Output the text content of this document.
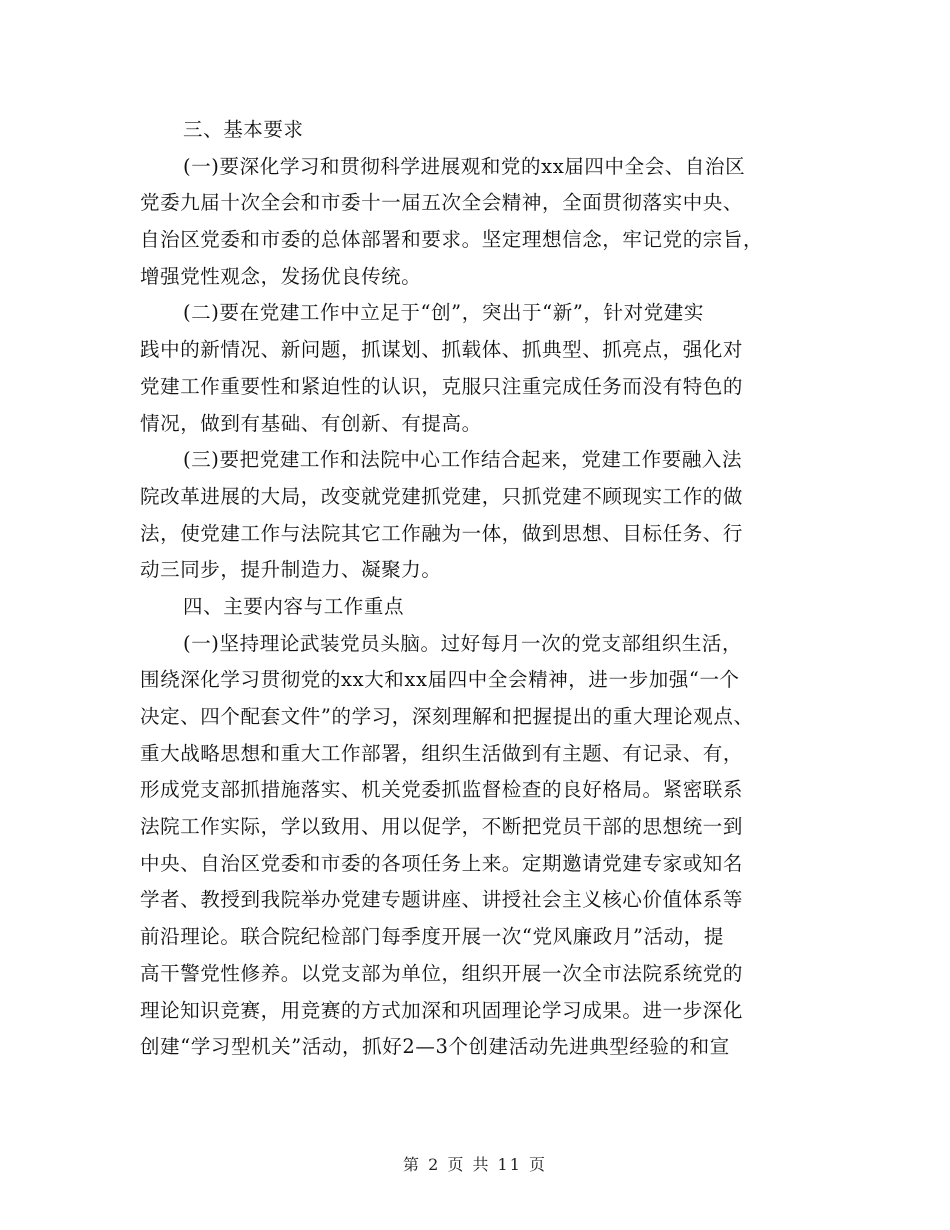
三、基本要求
(一)要深化学习和贯彻科学进展观和党的xx届四中全会、自治区
党委九届十次全会和市委十一届五次全会精神，全面贯彻落实中央、
自治区党委和市委的总体部署和要求。坚定理想信念，牢记党的宗旨，
增强党性观念，发扬优良传统。
(二)要在党建工作中立足于“创”，突出于“新”，针对党建实
践中的新情况、新问题，抓谋划、抓载体、抓典型、抓亮点，强化对
党建工作重要性和紧迫性的认识，克服只注重完成任务而没有特色的
情况，做到有基础、有创新、有提高。
(三)要把党建工作和法院中心工作结合起来，党建工作要融入法
院改革进展的大局，改变就党建抓党建，只抓党建不顾现实工作的做
法，使党建工作与法院其它工作融为一体，做到思想、目标任务、行
动三同步，提升制造力、凝聚力。
四、主要内容与工作重点
(一)坚持理论武装党员头脑。过好每月一次的党支部组织生活，
围绕深化学习贯彻党的xx大和xx届四中全会精神，进一步加强“一个
决定、四个配套文件”的学习，深刻理解和把握提出的重大理论观点、
重大战略思想和重大工作部署，组织生活做到有主题、有记录、有，
形成党支部抓措施落实、机关党委抓监督检查的良好格局。紧密联系
法院工作实际，学以致用、用以促学，不断把党员干部的思想统一到
中央、自治区党委和市委的各项任务上来。定期邀请党建专家或知名
学者、教授到我院举办党建专题讲座、讲授社会主义核心价值体系等
前沿理论。联合院纪检部门每季度开展一次“党风廉政月”活动，提
高干警党性修养。以党支部为单位，组织开展一次全市法院系统党的
理论知识竞赛，用竞赛的方式加深和巩固理论学习成果。进一步深化
创建“学习型机关”活动，抓好2—3个创建活动先进典型经验的和宣
第 2 页 共 11 页
